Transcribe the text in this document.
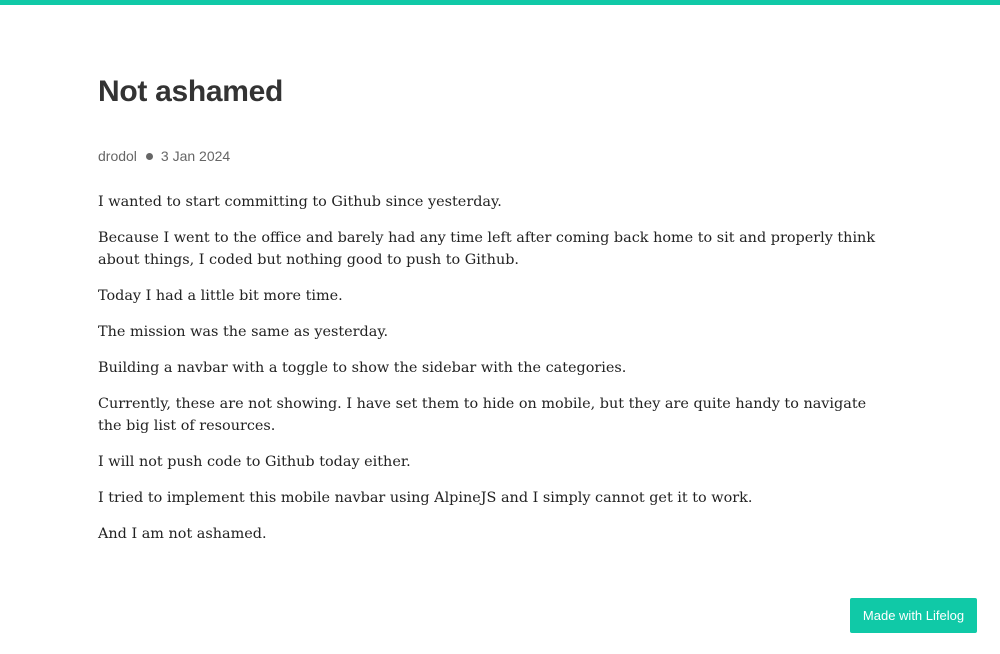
Not ashamed
drodol 3 Jan 2024

I wanted to start committing to Github since yesterday.

Because I went to the office and barely had any time left after coming back home to sit and properly think about things, I coded but nothing good to push to Github.

Today I had a little bit more time.

The mission was the same as yesterday.

Building a navbar with a toggle to show the sidebar with the categories.

Currently, these are not showing. I have set them to hide on mobile, but they are quite handy to navigate the big list of resources.

I will not push code to Github today either.

I tried to implement this mobile navbar using AlpineJS and I simply cannot get it to work.

And I am not ashamed.

Made with Lifelog
